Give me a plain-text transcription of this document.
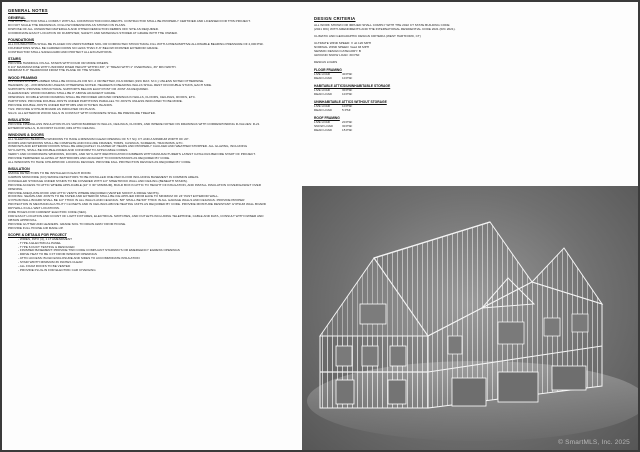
GENERAL NOTES
GENERAL
THE CONTRACTOR SHALL COMPLY WITH ALL CONSTRUCTION DOCUMENTS. CONTRACTOR SHALL BE PROPERLY CERTIFIED AND LICENSED FOR THIS PROJECT.
DO NOT SCALE THE DRAWINGS. FOLLOW DIMENSIONS AS SHOWN ON PLANS.
DISPOSE OF ALL UNWANTED MATERIALS AND OTHER DEMOLITION DEBRIS OFF SITE AS REQUIRED.
COORDINATE EXACT LOCATION OF DUMPSTER, SAFETY AND MATERIALS STORED AT GRADE WITH THE OWNER.
FOUNDATIONS
ALL FOUNDATIONS SHALL BE PLACED ON UNDISTURBED SOIL OR COMPACTED STRUCTURAL FILL WITH A PRESUMPTIVE ALLOWABLE BEARING PRESSURE OF 2,000 PSF.
FOUNDATIONS SHALL BE CARRIED DOWN NO LESS THAN 3'-6" BELOW FINISHED EXTERIOR GRADE.
CONTRACTOR SHALL SAFEGUARD AND PROTECT ALL EXCAVATIONS.
STAIRS
PROVIDE HANDRAIL ON ALL STAIRS WITH FOUR OR MORE RISERS.
8 1/4" MAXIMUM RISE WITH UNIFORM RISER HEIGHT WITHIN 3/8", 9" TREAD WITH 1" OVERHANG, 36" MIN WIDTH.
MINIMUM 6'-8" HEADROOM FROM THE PLANE OF THE STAIRS.
WOOD FRAMING
ALL DIMENSIONED LUMBER SHALL BE DOUGLAS FIR NO. 2 OR BETTER, KILN DRIED (19% MAX. M.C.) UNLESS NOTED OTHERWISE.
HEADERS: (2) - 2X8 MINIMUM UNLESS OTHERWISE NOTED. HEADERS IN BEARING WALLS SHALL REST ON DOUBLE STUDS, EACH SIDE.
SUPPORTS: PROVIDE STRUCTURAL SUPPORTS BELOW EACH POST OR JOIST AS REQUIRED.
CLEARANCES: WOOD FRAMING SHALL BE 8" ABOVE ADJACENT GRADE.
OPENINGS: DOUBLE WOOD FRAMING SHALL BE PROVIDED AROUND OPENINGS IN WALLS, FLOORS, CEILINGS, ROOFS, ETC.
PARTITIONS: PROVIDE DOUBLE JOISTS UNDER PARTITIONS PARALLEL TO JOISTS UNLESS INDICATED TO BE MORE.
PROVIDE DOUBLE JOISTS UNDER BATHTUBS AND KITCHEN ISLANDS.
TGS: PROVIDE GYPSUM BOARD AS INDICATED ON PLANS.
SILLS: ALL EXTERIOR WOOD SILLS IN CONTACT WITH CONCRETE SHALL BE PRESSURE TREATED.
INSULATION
PROVIDE FIBERGLASS INSULATION PLUS VAPOR BARRIER IN WALLS, CEILINGS, FLOORS, AND WHERE NOTED ON DRAWINGS WITH CORRESPONDING R-VALUES: R-21
EXTERIOR WALLS, R-30 FIRST FLOOR, R49 ATTIC CEILING.
WINDOWS & DOORS
ALL SLEEPING BEDROOM WINDOWS TO HAVE A MINIMUM CLEAR OPENING OF 5.7 SQ. FT. AND A MINIMUM WIDTH OF 20".
DOORS AND WINDOWS SHALL BE COMPLETE AND INCLUDE FRAMES, TRIMS, CASINGS, SCREENS, TRANSOMS, ETC.
WINDOWS AND EXTERIOR DOORS SHALL BE ADEQUATELY FLASHED AT HEADS AND PROPERLY CAULKED AND WEATHER STRIPPED. ALL GLAZING, INCLUDING
SKYLIGHTS, SHALL BE DOUBLE-PANED AND CONFORM TO APPLICABLE CODES.
VERIFY AND COORDINATE WINDOWS, DOORS, AND SKYLIGHT IDENTIFICATION NUMBERS WITH MANUFACTURER'S LATEST CATALOGS BEFORE START OF PROJECT.
PROVIDE TEMPERED GLAZING AT BATHROOMS AND ADJACENT TO DOORS/STAIRS AS REQUIRED BY CODE.
ALL WINDOWS TO HAVE CHILDPROOF LOCKING DEVICES. PROVIDE FALL PROTECTION DEVICES AS REQUIRED BY CODE.
INSULATION
SMOKE DETECTORS TO BE INSTALLED IN EACH ROOM.
CARBON MONOXIDE (CO) SMOKE DETECTORS TO BE INSTALLED ONE PER FLOOR INCLUDING BASEMENT IN COMMON AREAS.
CONCEALED STORAGE UNDER STAIRS TO BE COVERED WITH 1/2" SHEETROCK WALL AND CEILING (BENEATH STAIRS).
PROVIDE ACCESS TO ATTIC WHERE APPLICABLE (22" X 30" MINIMUM), BUILD BOX IN ATTIC TO HEIGHT OF INSULATION, AND INSTALL INSULATION COVER/GASKET OVER
OPENING.
PROVIDE ADEQUATE ROOF AND ATTIC VENTS WHERE REQUIRED (VENTED SOFFIT & RIDGE VENTS).
ROOFING: SEAMS AND JOINTS TO BE TAPED AND EXTERIOR SHALL BE ICE APPLIED FROM EAVE TO MINIMUM OF 24" PAST EXTERIOR WALL.
GYPSUM WALL BOARD SHALL BE 1/2" THICK IN ALL WALLS AND CEILINGS. 5/8" SHALL BE 5/8" THICK IN ALL GARAGE WALLS AND CEILINGS. PROVIDE PROPER
PROTECTION IN MECHANICAL/UTILITY CLOSETS AND IN CEILINGS ABOVE HEATING UNITS AS REQUIRED BY CODE. PROVIDE MOISTURE RESISTANT GYPSUM WALL BOARD
DRYWALL IN ALL WET LOCATIONS.
WIRE HOLES FOR CURRENT ELECTRIC CODE (NEC).
FOR EXACT LOCATION AND COUNT OF LIGHT FIXTURES, ELECTRICAL SWITCHES, AND OUTLETS INCLUDING TELEPHONE, CABLE AND DATA, CONSULT WITH OWNER AND
OBTAIN APPROVAL.
PROVIDE GUTTER AND LEADERS. GRADE SOIL TO DRAIN AWAY FROM HOUSE.
PROVIDE FULL HOUSE AIR MAKE-UP.
SCOPE & DETAILS FOR PROJECT
- WIRES, INTO (4), 1 LT AMENDMENT
- TYPE A ELECTRICAL PANEL
- TYPE 6 DUCT TESTING & RESOLVED
- FINISHED BASEMENT: PROVIDE TWO CODE COMPLIANT STAIRWAYS OR EMERGENCY EGRESS OPENINGS
- DRIVE HEAT TO BE 3 FT FROM WINDOW OPENINGS
- ATTIC ACCESS: BUILD ENCLOSURE AND SIDES TO ACCOMMODATE INSULATION
- STAIR WIDTH MINIMUM 36 INCHES CLEAR
- ALL FOAM ROOFS TO BE VENTED
- PROVIDE PLUG-IN FOR ELECTRIC CAR CHARGING
DESIGN CRITERIA
ALL WORK SHOWN OR IMPLIED SHALL COMPLY WITH THE 2022 CT STATE BUILDING CODE
(2021 IRC) WITH AMENDMENTS AND THE INTERNATIONAL RESIDENTIAL CODE 2021 (IRC 2021).
CLIMATIC AND GEOGRAPHIC DESIGN CRITERIA (WEST HARTFORD, CT)
ULTIMATE WIND SPEED: V ult 120 MPH
NOMINAL WIND SPEED: Vasd 93 MPH
SEISMIC DESIGN CATEGORY: B
GROUND SNOW LOAD: 30 PSF
DESIGN LOADS
FLOOR FRAMING
LIVE LOAD	40 PSF
DEAD LOAD	10 PSF
HABITABLE ATTICS/UNINHABITABLE STORAGE
LIVE LOAD	30 PSF
DEAD LOAD	10 PSF
UNINHABITABLE ATTICS WITHOUT STORAGE
LIVE LOAD	10 PSF
DEAD LOAD	5 PSF
ROOF FRAMING
LIVE LOAD	20 PSF
SNOW LOAD	30 PSF
DEAD LOAD	15 PSF
© SmartMLS, Inc. 2025
